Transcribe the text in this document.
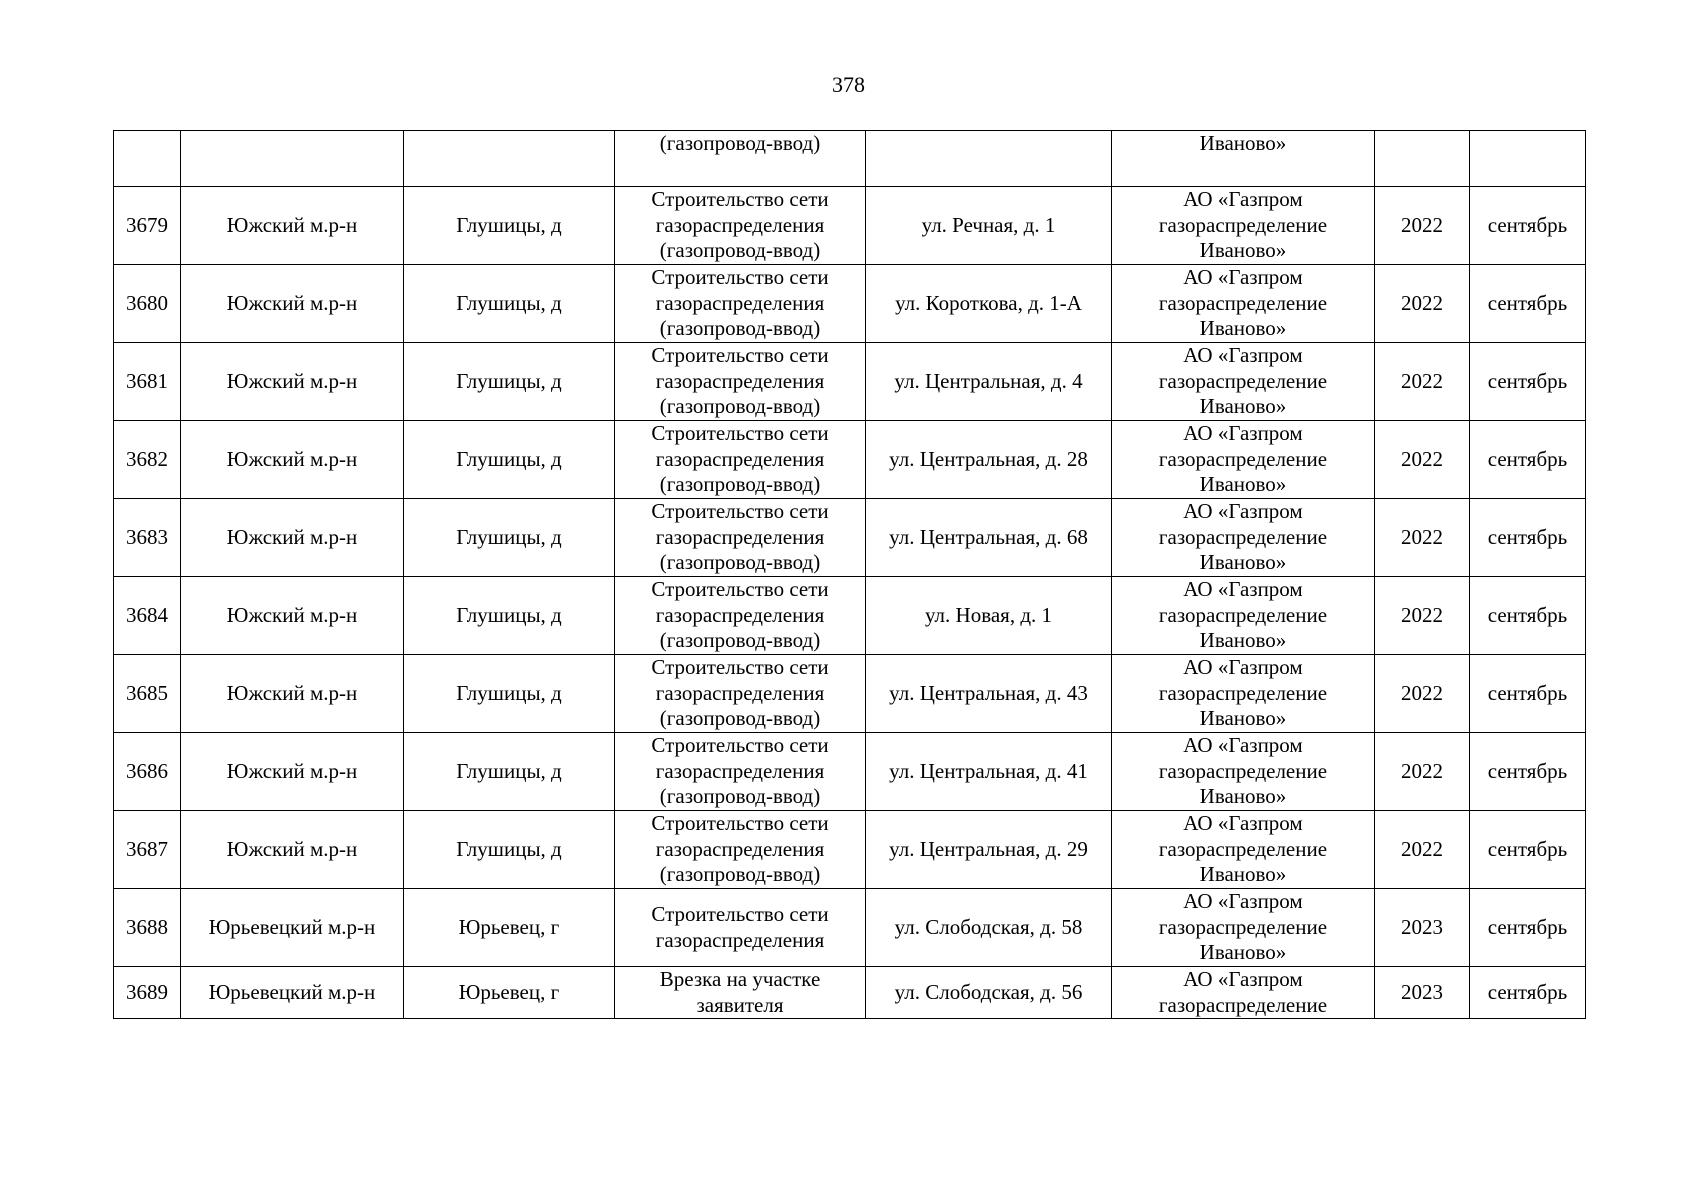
378

			(газопровод-ввод)		Иваново»		

3679	Южский м.р-н	Глушицы, д	Строительство сети
газораспределения
(газопровод-ввод)	ул. Речная, д. 1	АО «Газпром
газораспределение
Иваново»	2022	сентябрь
3680	Южский м.р-н	Глушицы, д	Строительство сети
газораспределения
(газопровод-ввод)	ул. Короткова, д. 1-А	АО «Газпром
газораспределение
Иваново»	2022	сентябрь
3681	Южский м.р-н	Глушицы, д	Строительство сети
газораспределения
(газопровод-ввод)	ул. Центральная, д. 4	АО «Газпром
газораспределение
Иваново»	2022	сентябрь
3682	Южский м.р-н	Глушицы, д	Строительство сети
газораспределения
(газопровод-ввод)	ул. Центральная, д. 28	АО «Газпром
газораспределение
Иваново»	2022	сентябрь
3683	Южский м.р-н	Глушицы, д	Строительство сети
газораспределения
(газопровод-ввод)	ул. Центральная, д. 68	АО «Газпром
газораспределение
Иваново»	2022	сентябрь
3684	Южский м.р-н	Глушицы, д	Строительство сети
газораспределения
(газопровод-ввод)	ул. Новая, д. 1	АО «Газпром
газораспределение
Иваново»	2022	сентябрь
3685	Южский м.р-н	Глушицы, д	Строительство сети
газораспределения
(газопровод-ввод)	ул. Центральная, д. 43	АО «Газпром
газораспределение
Иваново»	2022	сентябрь
3686	Южский м.р-н	Глушицы, д	Строительство сети
газораспределения
(газопровод-ввод)	ул. Центральная, д. 41	АО «Газпром
газораспределение
Иваново»	2022	сентябрь
3687	Южский м.р-н	Глушицы, д	Строительство сети
газораспределения
(газопровод-ввод)	ул. Центральная, д. 29	АО «Газпром
газораспределение
Иваново»	2022	сентябрь
3688	Юрьевецкий м.р-н	Юрьевец, г	Строительство сети
газораспределения	ул. Слободская, д. 58	АО «Газпром
газораспределение
Иваново»	2023	сентябрь
3689	Юрьевецкий м.р-н	Юрьевец, г	Врезка на участке
заявителя	ул. Слободская, д. 56	АО «Газпром
газораспределение	2023	сентябрь
